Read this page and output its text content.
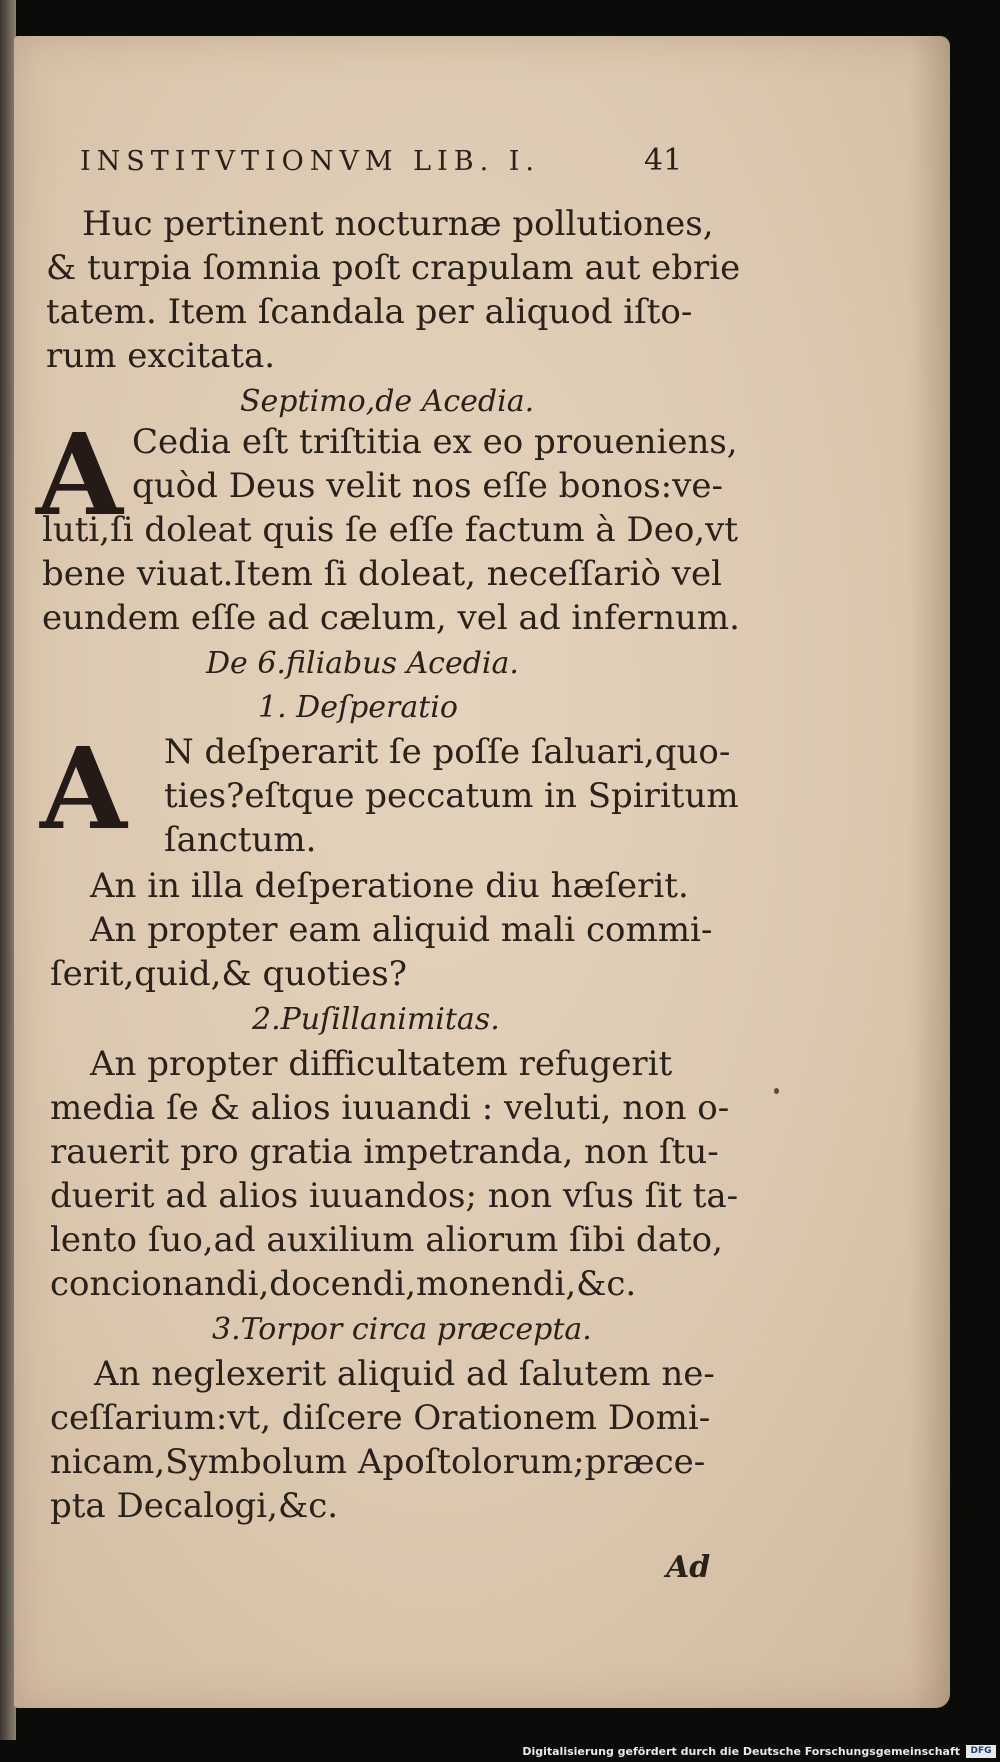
INSTITVTIONVM LIB. I.	41
Huc pertinent nocturnæ pollutiones,
& turpia ſomnia poſt crapulam aut ebrie
tatem. Item ſcandala per aliquod iſto-
rum excitata.
Septimo,de Acedia.
A Cedia eſt triſtitia ex eo proueniens,
quòd Deus velit nos eſſe bonos:ve-
luti,ſi doleat quis ſe eſſe factum à Deo,vt
bene viuat.Item ſi doleat, neceſſariò vel
eundem eſſe ad cælum, vel ad infernum.
De 6.filiabus Acedia.
1. Deſperatio
A N deſperarit ſe poſſe ſaluari,quo-
ties?eſtque peccatum in Spiritum
ſanctum.
An in illa deſperatione diu hæſerit.
An propter eam aliquid mali commi-
ſerit,quid,& quoties?
2.Puſillanimitas.
An propter difficultatem refugerit
media ſe & alios iuuandi : veluti, non o-
rauerit pro gratia impetranda, non ſtu-
duerit ad alios iuuandos; non vſus ſit ta-
lento ſuo,ad auxilium aliorum ſibi dato,
concionandi,docendi,monendi,&c.
3.Torpor circa præcepta.
An neglexerit aliquid ad ſalutem ne-
ceſſarium:vt, diſcere Orationem Domi-
nicam,Symbolum Apoſtolorum;præce-
pta Decalogi,&c.
Ad
Digitalisierung gefördert durch die Deutsche Forschungsgemeinschaft	DFG
